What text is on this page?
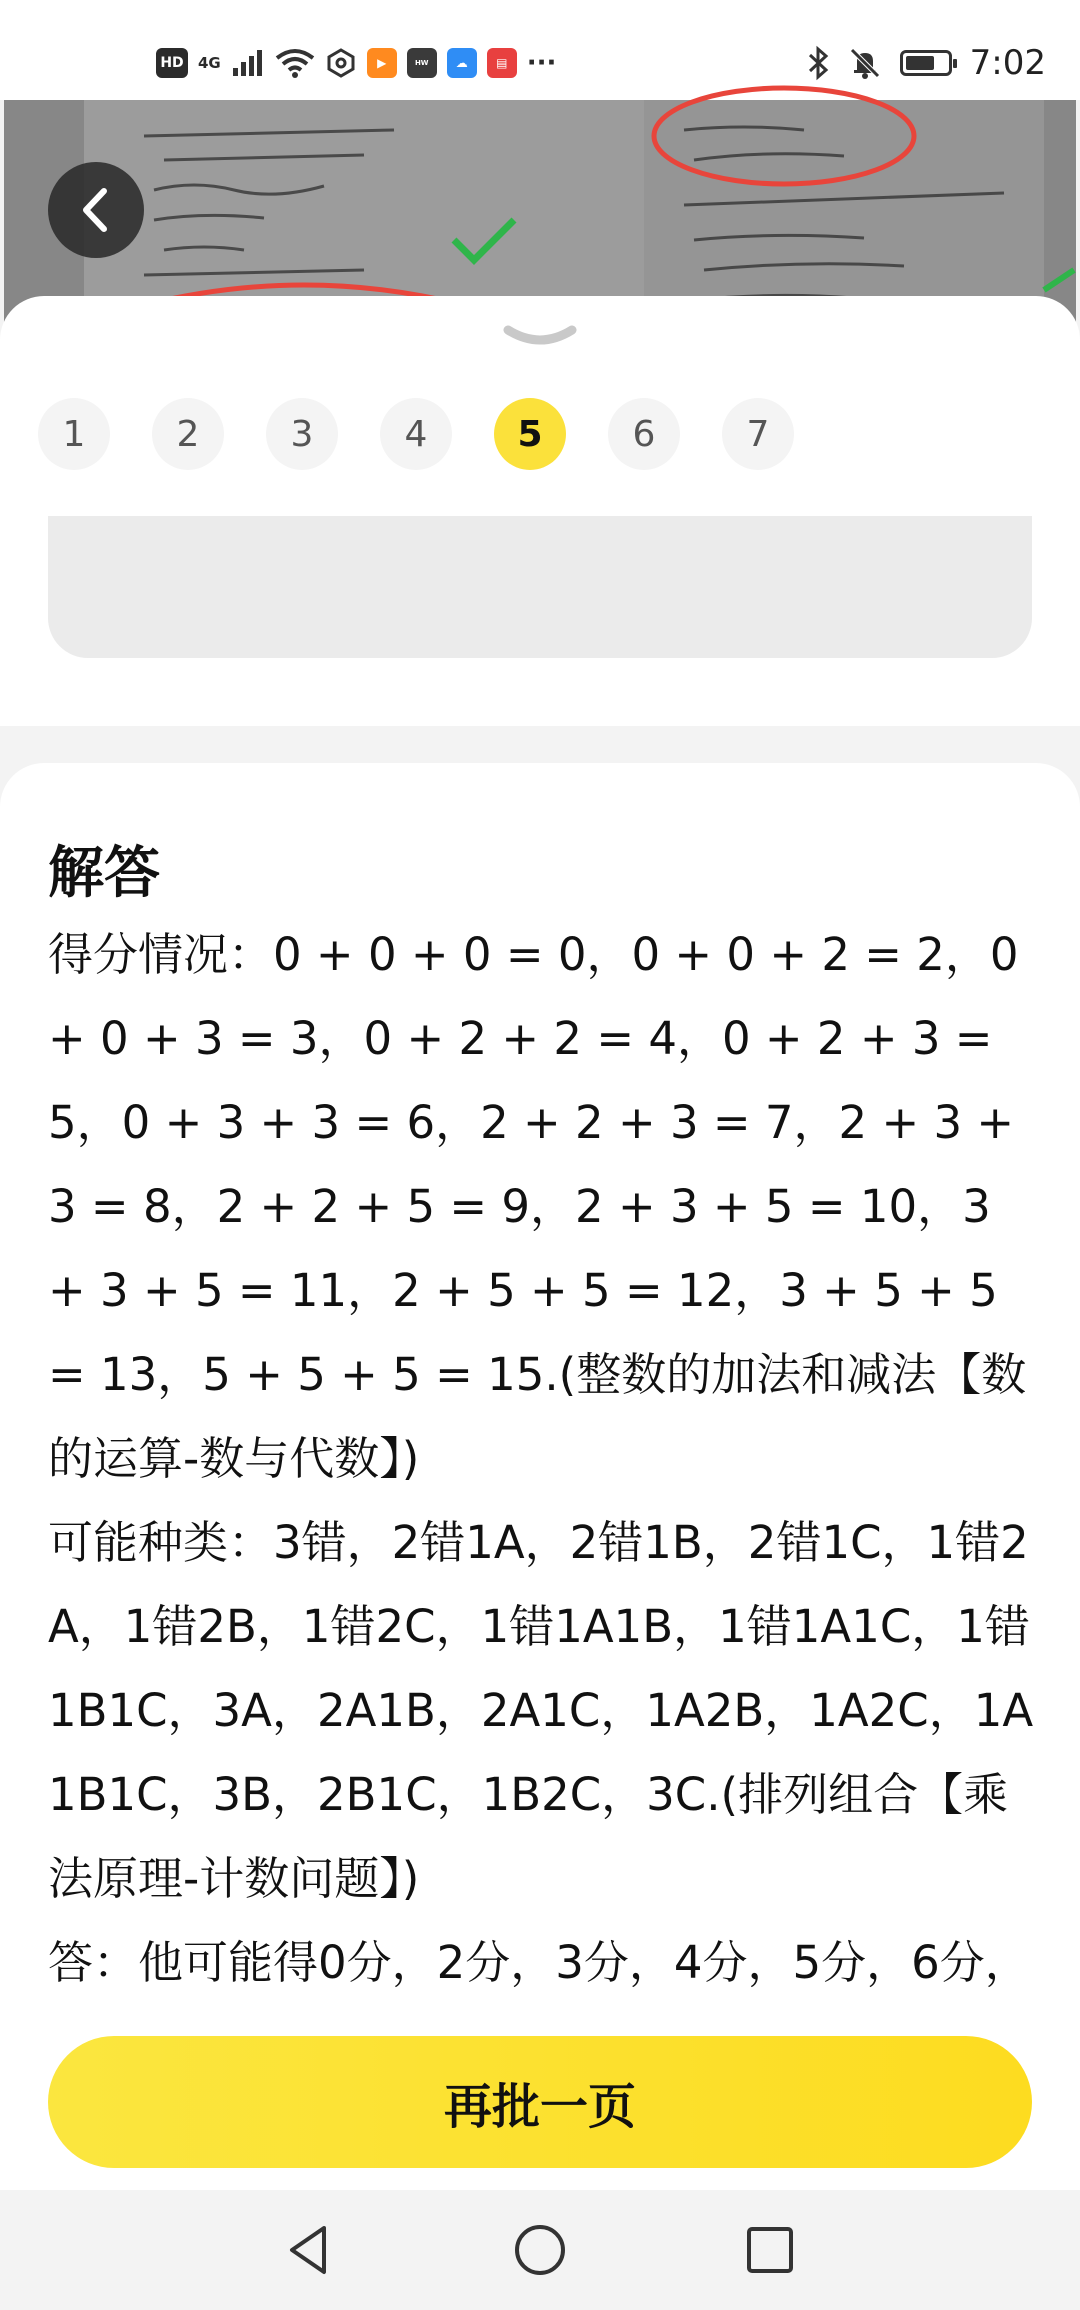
HD 4G	▶	HW	☁	▤ ···	7:02
1	2	3	4	5	6	7
解答

得分情况：0 + 0 + 0 = 0，0 + 0 + 2 = 2，0 + 0 + 3 = 3，0 + 2 + 2 = 4，0 + 2 + 3 = 5，0 + 3 + 3 = 6，2 + 2 + 3 = 7，2 + 3 + 3 = 8，2 + 2 + 5 = 9，2 + 3 + 5 = 10，3 + 3 + 5 = 11，2 + 5 + 5 = 12，3 + 5 + 5 = 13，5 + 5 + 5 = 15.(整数的加法和减法【数的运算-数与代数】)

可能种类：3错，2错1A，2错1B，2错1C，1错2A，1错2B，1错2C，1错1A1B，1错1A1C，1错1B1C，3A，2A1B，2A1C，1A2B，1A2C，1A1B1C，3B，2B1C，1B2C，3C.(排列组合【乘法原理-计数问题】)

答：他可能得0分，2分，3分，4分，5分，6分，

再批一页
